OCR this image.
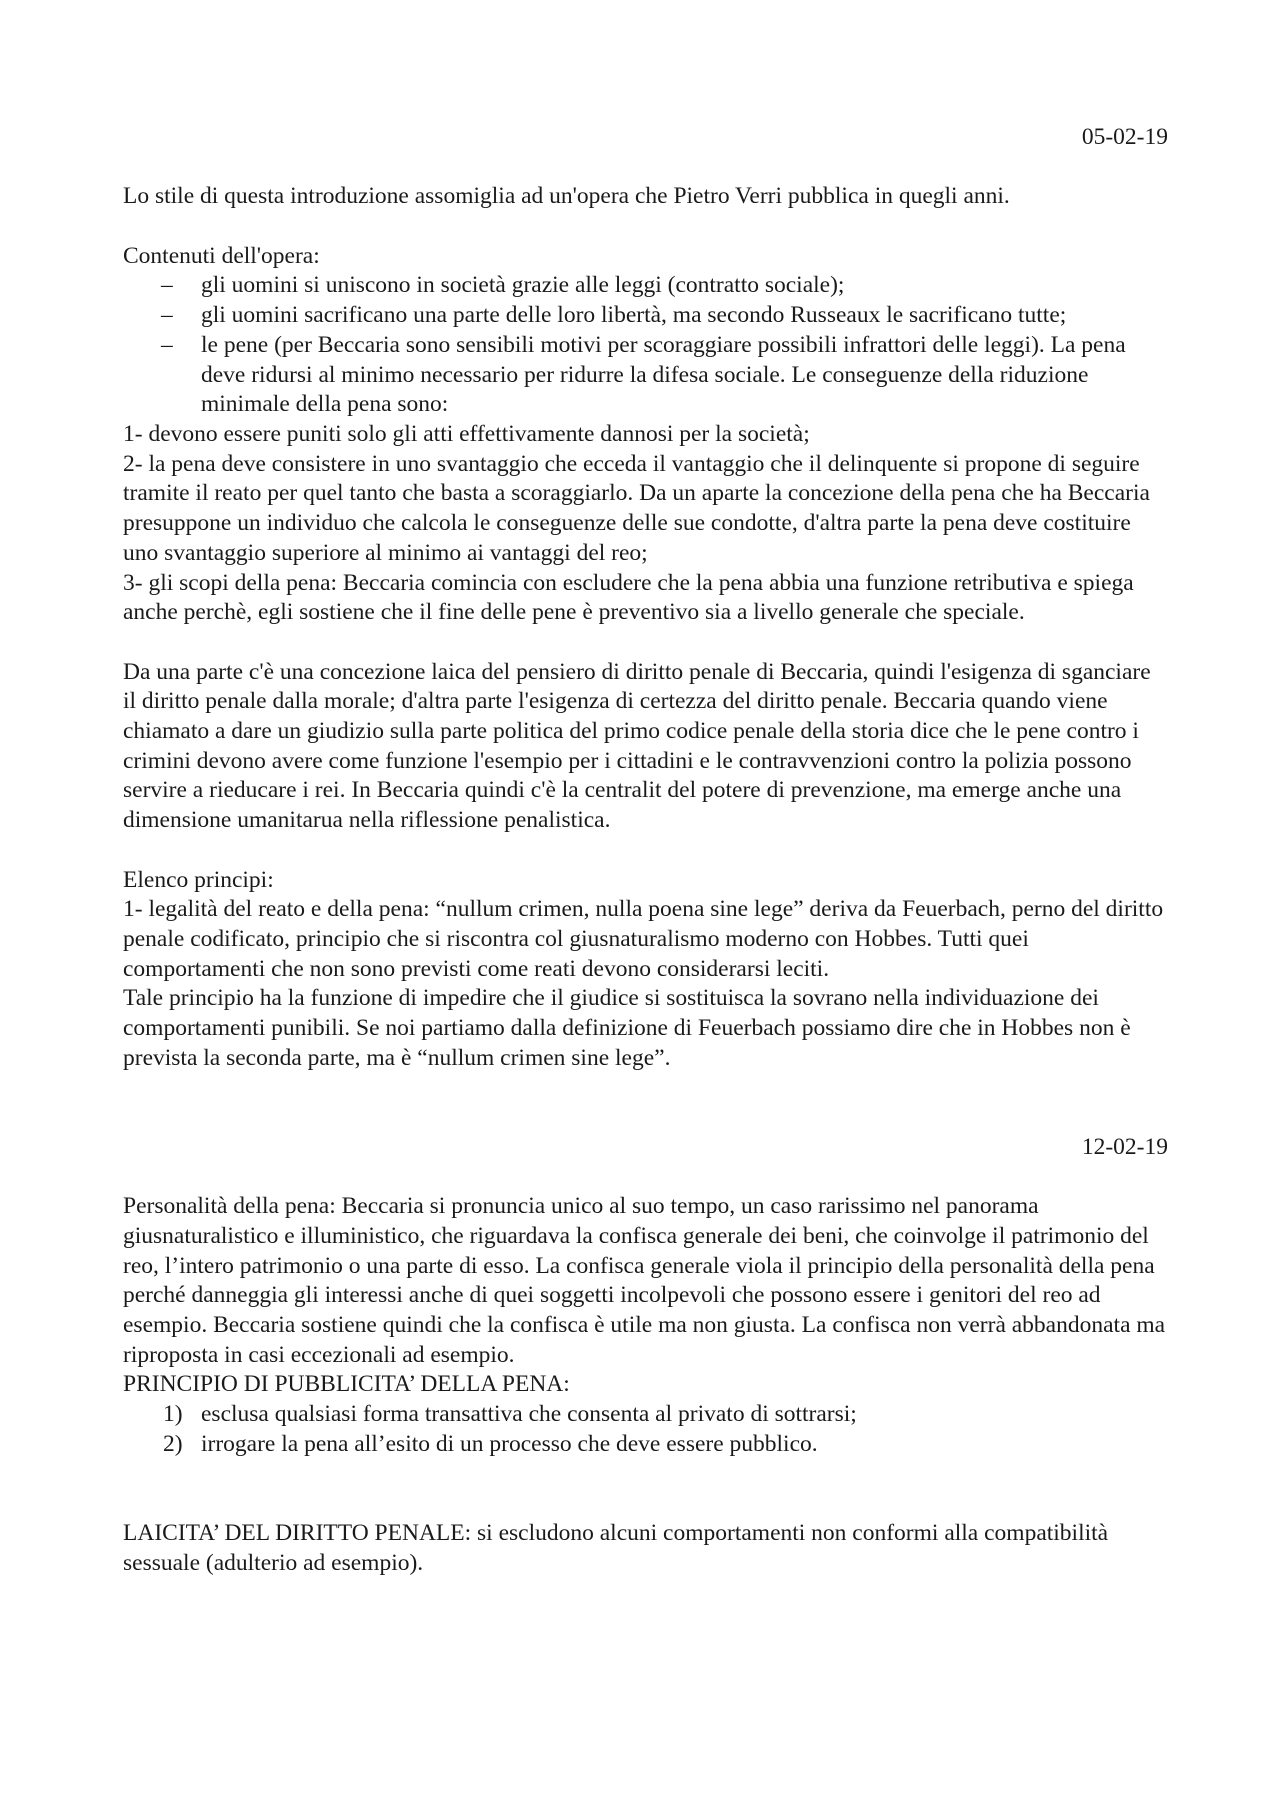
05-02-19

Lo stile di questa introduzione assomiglia ad un'opera che Pietro Verri pubblica in quegli anni.

Contenuti dell'opera:

– gli uomini si uniscono in società grazie alle leggi (contratto sociale);
– gli uomini sacrificano una parte delle loro libertà, ma secondo Russeaux le sacrificano tutte;
– le pene (per Beccaria sono sensibili motivi per scoraggiare possibili infrattori delle leggi). La pena deve ridursi al minimo necessario per ridurre la difesa sociale. Le conseguenze della riduzione minimale della pena sono:

1- devono essere puniti solo gli atti effettivamente dannosi per la società;

2- la pena deve consistere in uno svantaggio che ecceda il vantaggio che il delinquente si propone di seguire tramite il reato per quel tanto che basta a scoraggiarlo. Da un aparte la concezione della pena che ha Beccaria presuppone un individuo che calcola le conseguenze delle sue condotte, d'altra parte la pena deve costituire uno svantaggio superiore al minimo ai vantaggi del reo;

3- gli scopi della pena: Beccaria comincia con escludere che la pena abbia una funzione retributiva e spiega anche perchè, egli sostiene che il fine delle pene è preventivo sia a livello generale che speciale.

Da una parte c'è una concezione laica del pensiero di diritto penale di Beccaria, quindi l'esigenza di sganciare il diritto penale dalla morale; d'altra parte l'esigenza di certezza del diritto penale. Beccaria quando viene chiamato a dare un giudizio sulla parte politica del primo codice penale della storia dice che le pene contro i crimini devono avere come funzione l'esempio per i cittadini e le contravvenzioni contro la polizia possono servire a rieducare i rei. In Beccaria quindi c'è la centralit del potere di prevenzione, ma emerge anche una dimensione umanitarua nella riflessione penalistica.

Elenco principi:

1- legalità del reato e della pena: “nullum crimen, nulla poena sine lege” deriva da Feuerbach, perno del diritto penale codificato, principio che si riscontra col giusnaturalismo moderno con Hobbes. Tutti quei comportamenti che non sono previsti come reati devono considerarsi leciti.

Tale principio ha la funzione di impedire che il giudice si sostituisca la sovrano nella individuazione dei comportamenti punibili. Se noi partiamo dalla definizione di Feuerbach possiamo dire che in Hobbes non è prevista la seconda parte, ma è “nullum crimen sine lege”.

12-02-19

Personalità della pena: Beccaria si pronuncia unico al suo tempo, un caso rarissimo nel panorama giusnaturalistico e illuministico, che riguardava la confisca generale dei beni, che coinvolge il patrimonio del reo, l’intero patrimonio o una parte di esso. La confisca generale viola il principio della personalità della pena perché danneggia gli interessi anche di quei soggetti incolpevoli che possono essere i genitori del reo ad esempio. Beccaria sostiene quindi che la confisca è utile ma non giusta. La confisca non verrà abbandonata ma riproposta in casi eccezionali ad esempio.

PRINCIPIO DI PUBBLICITA’ DELLA PENA:

1) esclusa qualsiasi forma transattiva che consenta al privato di sottrarsi;
2) irrogare la pena all’esito di un processo che deve essere pubblico.

LAICITA’ DEL DIRITTO PENALE: si escludono alcuni comportamenti non conformi alla compatibilità sessuale (adulterio ad esempio).
